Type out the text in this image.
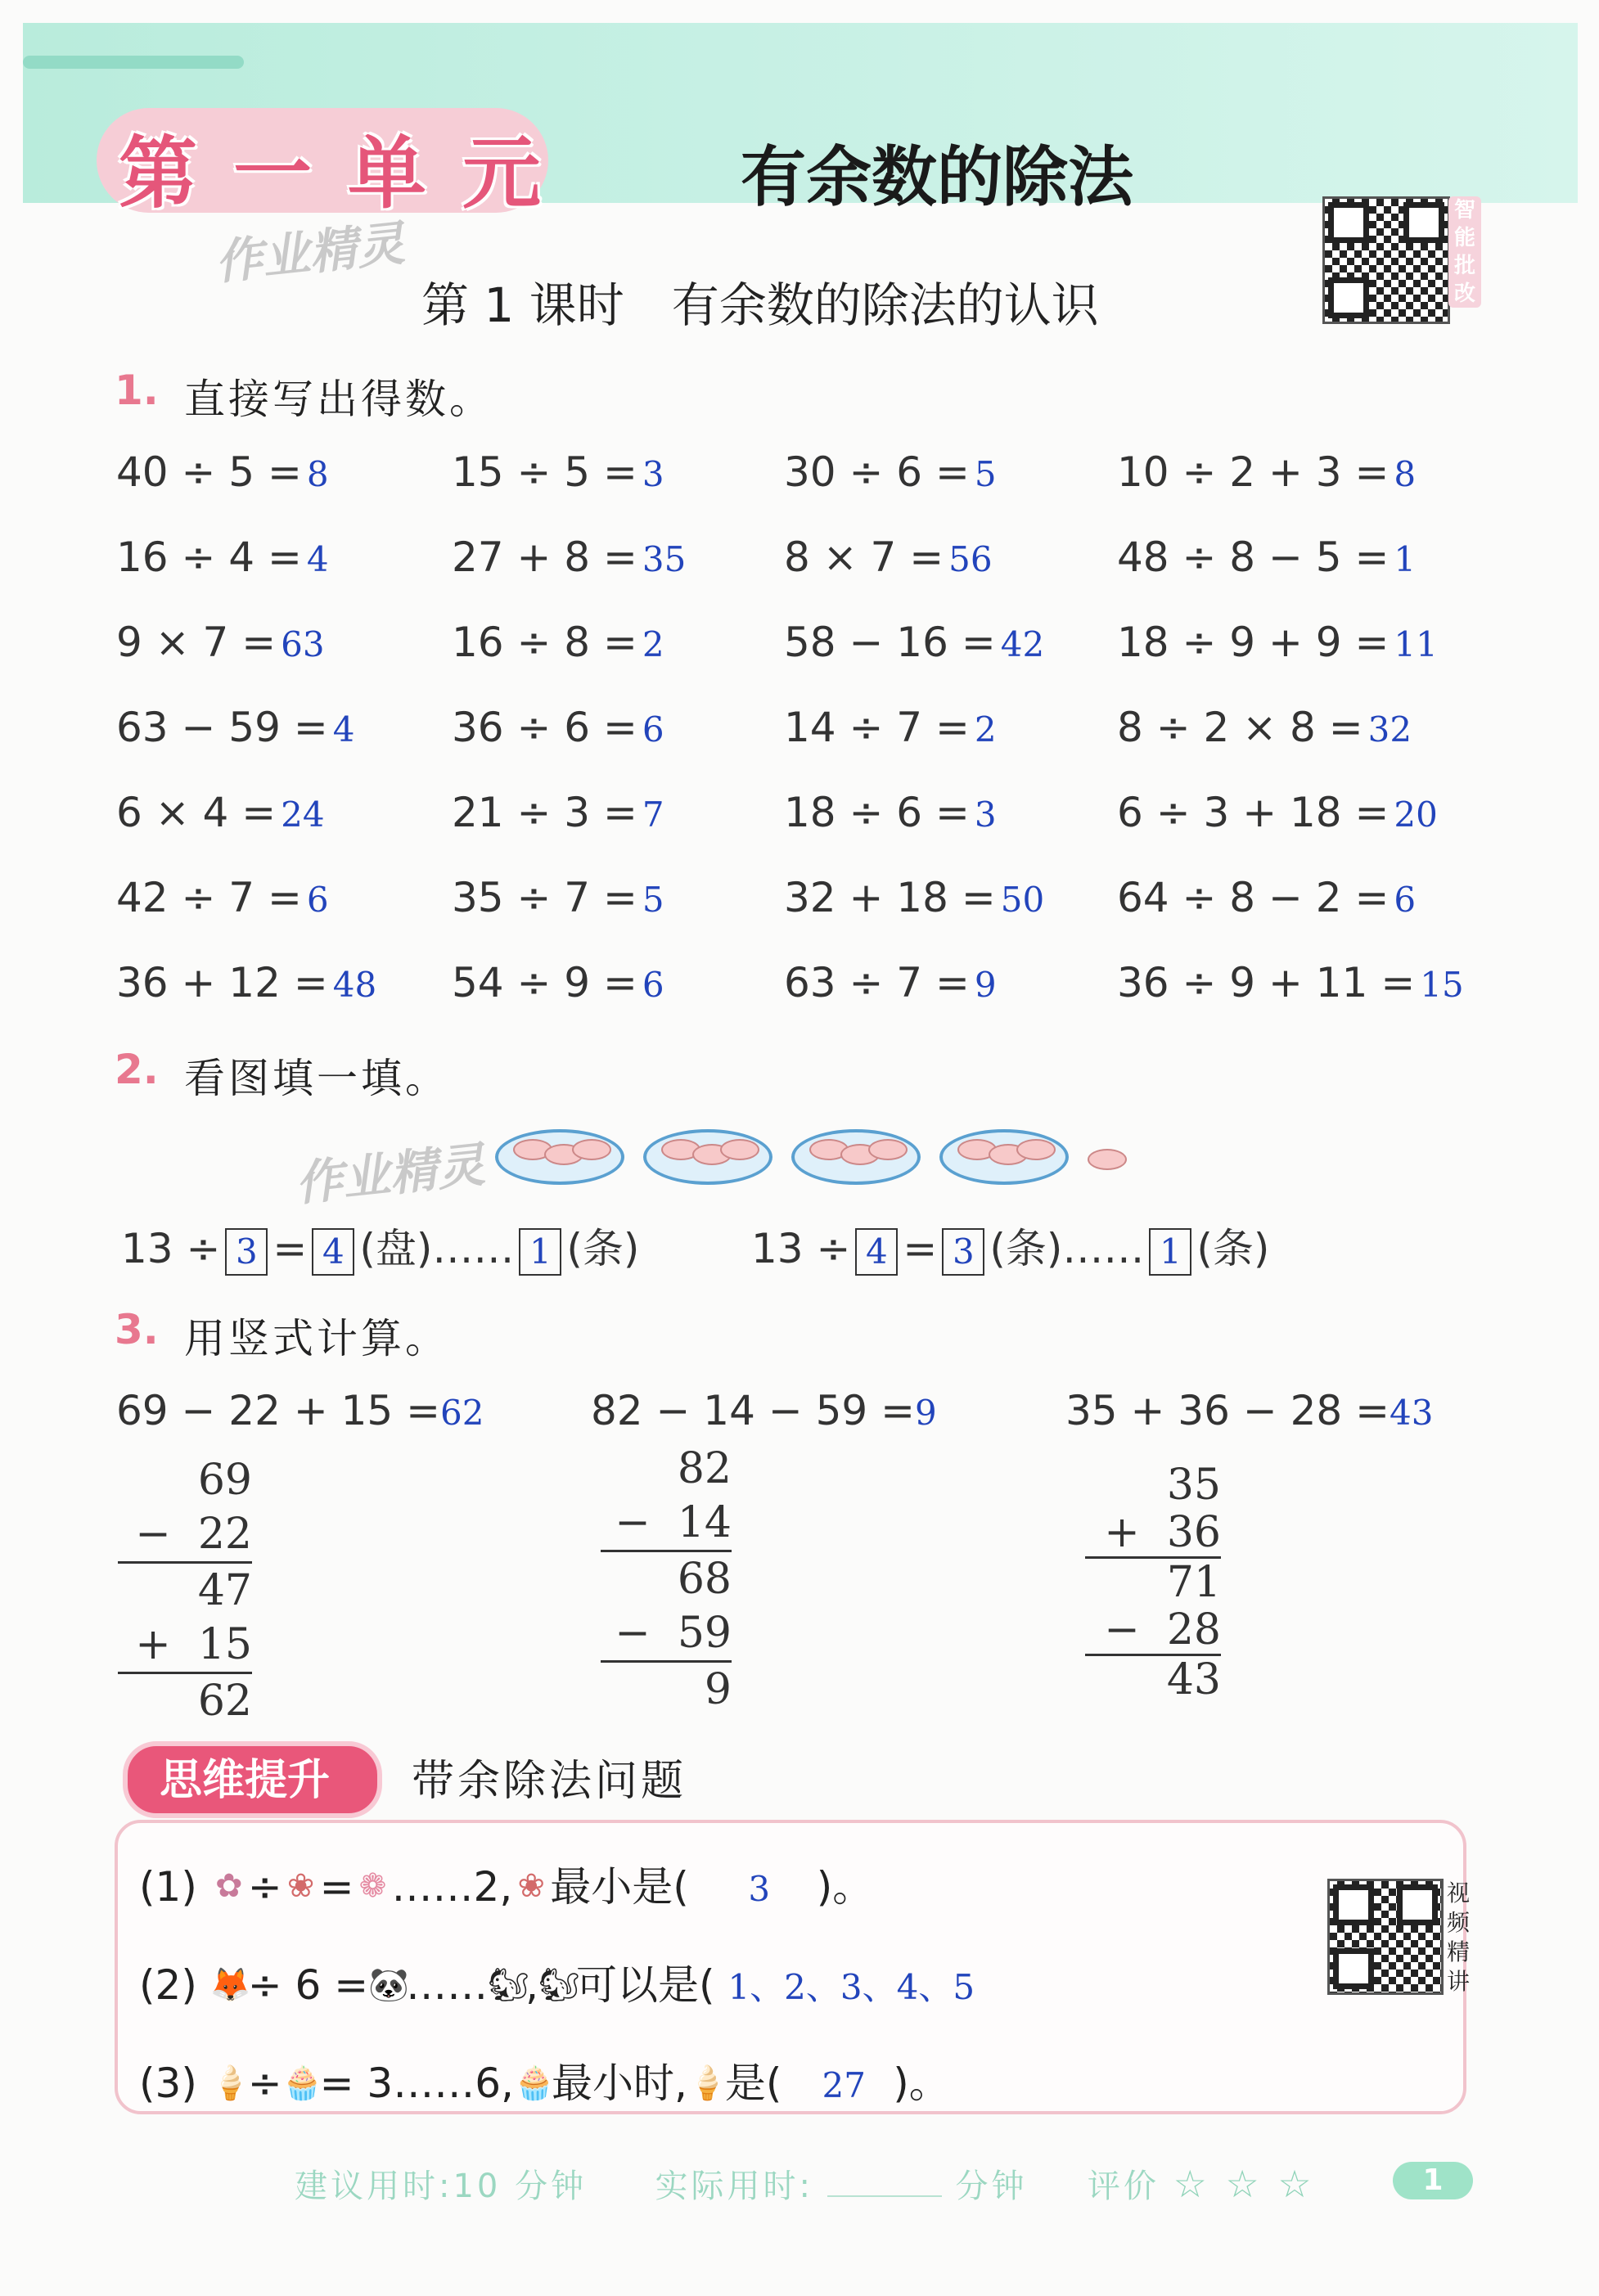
第一单元	有余数的除法
作业精灵
第 1 课时　有余数的除法的认识
智
能
批
改
1. 直接写出得数。
40 ÷ 5 = 8	15 ÷ 5 = 3	30 ÷ 6 = 5	10 ÷ 2 + 3 = 8
16 ÷ 4 = 4	27 + 8 = 35 8 × 7 = 56	48 ÷ 8 − 5 = 1
9 × 7 = 63	16 ÷ 8 = 2	58 − 16 = 42 18 ÷ 9 + 9 = 11
63 − 59 = 4 36 ÷ 6 = 6	14 ÷ 7 = 2	8 ÷ 2 × 8 = 32
6 × 4 = 24	21 ÷ 3 = 7	18 ÷ 6 = 3	6 ÷ 3 + 18 = 20
42 ÷ 7 = 6	35 ÷ 7 = 5	32 + 18 = 50 64 ÷ 8 − 2 = 6
36 + 12 = 48 54 ÷ 9 = 6	63 ÷ 7 = 9	36 ÷ 9 + 11 = 15
2. 看图填一填。
作业精灵

13 ÷ 3 = 4 (盘)…… 1 (条)	13 ÷ 4 = 3 (条)…… 1 (条)
3. 用竖式计算。
69 − 22 + 15 =62	82 − 14 − 59 =9	35 + 36 − 28 =43
69
−  22
47
+  15
62
82
−  14
68
−  59
9
35
+  36
71
−  28
43
思维提升 带余除法问题
(1) ✿ ÷ ❀ = ❁ ……2, ❀ 最小是( 3 )。
(2) 🦊÷ 6 =🐼……🐿,🐿可以是( 1、2、3、4、5
(3) 🍦÷🧁= 3……6,🧁最小时,🍦是( 27 )。
视
频
精
讲
建议用时:10 分钟 实际用时:	分钟 评价 ☆ ☆ ☆	1
